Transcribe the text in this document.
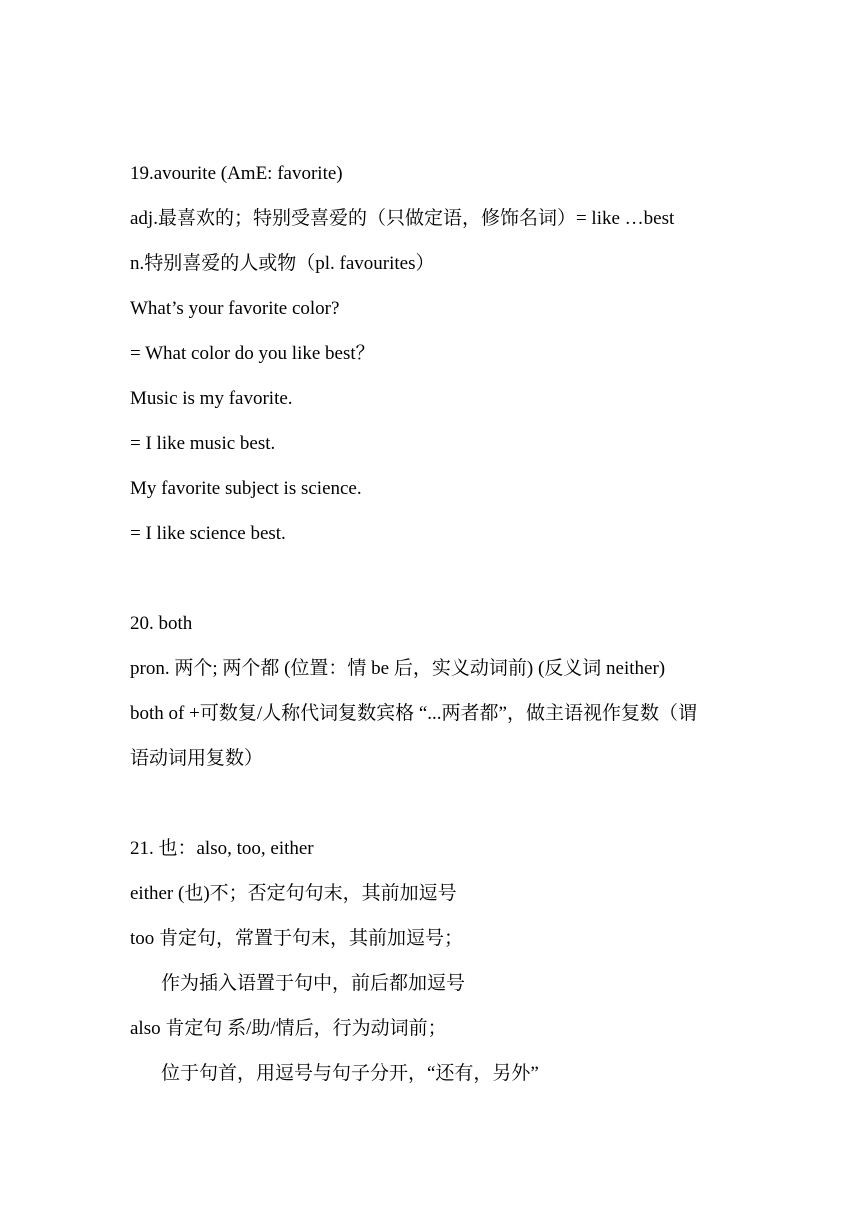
19.avourite (AmE: favorite)
adj.最喜欢的；特别受喜爱的（只做定语，修饰名词）= like …best
n.特别喜爱的人或物（pl. favourites）
What’s your favorite color?
= What color do you like best？
Music is my favorite.
= I like music best.
My favorite subject is science.
= I like science best.
20. both
pron. 两个; 两个都 (位置：情 be 后，实义动词前) (反义词 neither)
both of +可数复/人称代词复数宾格 “...两者都”，做主语视作复数（谓
语动词用复数）
21. 也：also, too, either
either (也)不；否定句句末，其前加逗号
too 肯定句，常置于句末，其前加逗号；
作为插入语置于句中，前后都加逗号
also 肯定句 系/助/情后，行为动词前；
位于句首，用逗号与句子分开，“还有，另外”
